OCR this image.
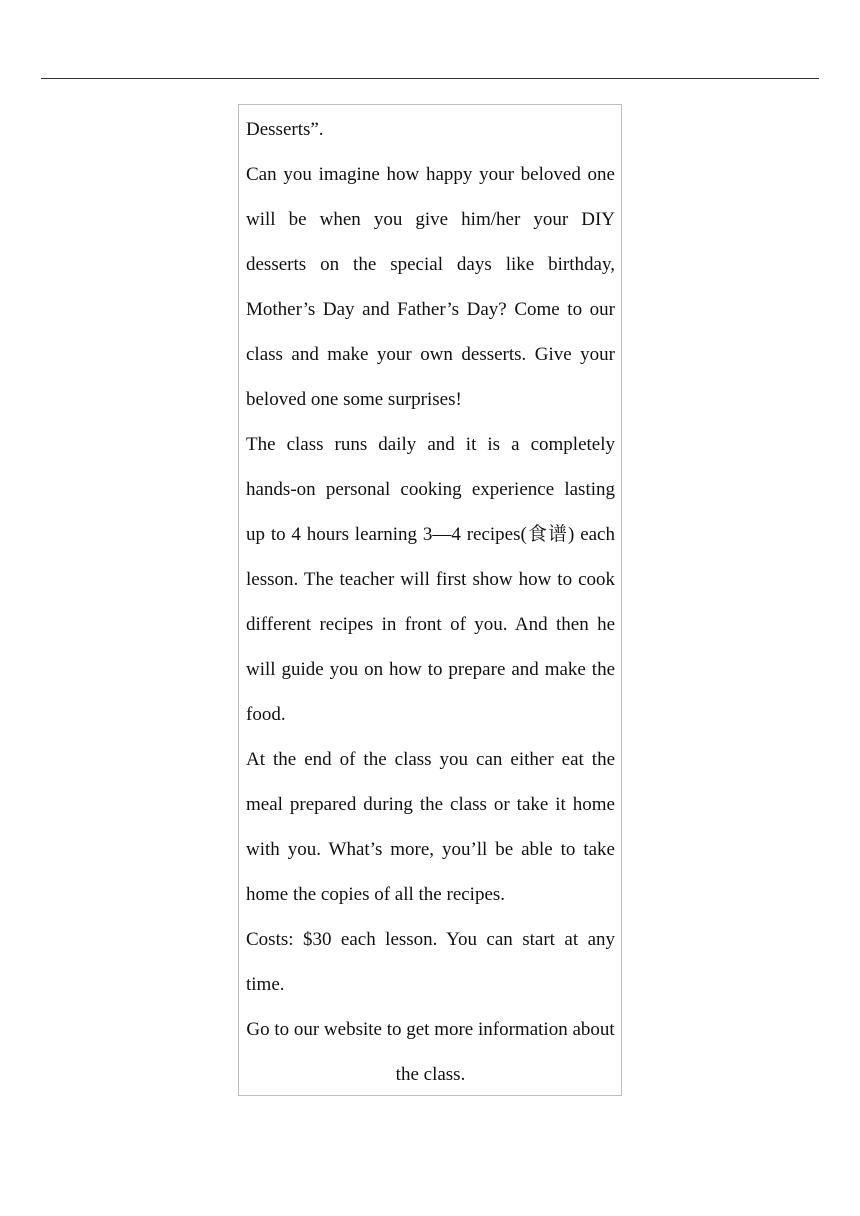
Desserts”.

Can you imagine how happy your beloved one will be when you give him/her your DIY desserts on the special days like birthday, Mother’s Day and Father’s Day? Come to our class and make your own desserts. Give your beloved one some surprises!

The class runs daily and it is a completely hands-on personal cooking experience lasting up to 4 hours learning 3—4 recipes(食谱) each lesson. The teacher will first show how to cook different recipes in front of you. And then he will guide you on how to prepare and make the food.

At the end of the class you can either eat the meal prepared during the class or take it home with you. What’s more, you’ll be able to take home the copies of all the recipes.

Costs: $30 each lesson. You can start at any time.

Go to our website to get more information about the class.
